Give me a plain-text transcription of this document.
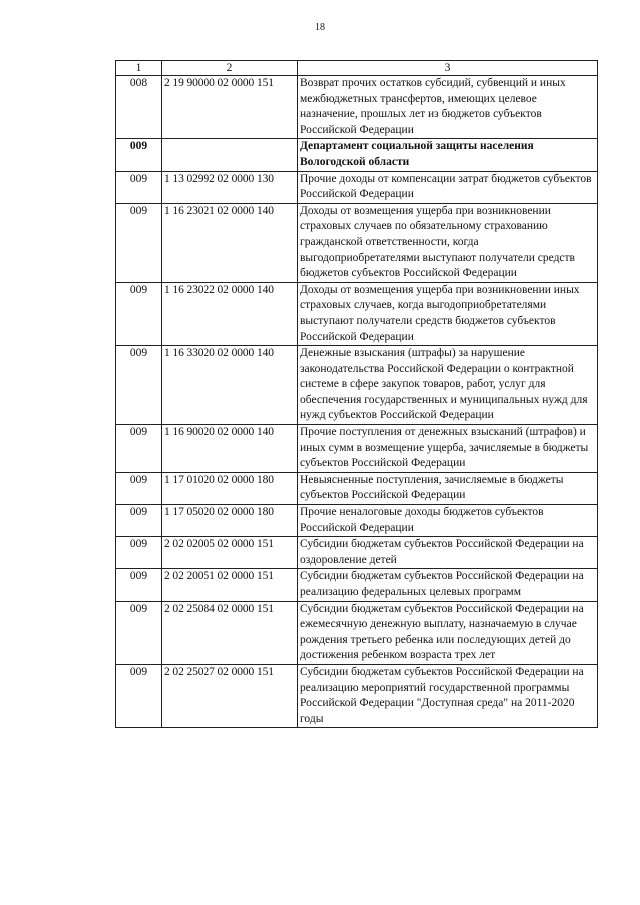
18
1	2	3
008	2 19 90000 02 0000 151	Возврат прочих остатков субсидий, субвенций и иных межбюджетных трансфертов, имеющих целевое назначение, прошлых лет из бюджетов субъектов Российской Федерации
009		Департамент социальной защиты населения Вологодской области
009	1 13 02992 02 0000 130	Прочие доходы от компенсации затрат бюджетов субъектов Российской Федерации
009	1 16 23021 02 0000 140	Доходы от возмещения ущерба при возникновении страховых случаев по обязательному страхованию гражданской ответственности, когда выгодоприобретателями выступают получатели средств бюджетов субъектов Российской Федерации
009	1 16 23022 02 0000 140	Доходы от возмещения ущерба при возникновении иных страховых случаев, когда выгодоприобретателями выступают получатели средств бюджетов субъектов Российской Федерации
009	1 16 33020 02 0000 140	Денежные взыскания (штрафы) за нарушение законодательства Российской Федерации о контрактной системе в сфере закупок товаров, работ, услуг для обеспечения государственных и муниципальных нужд для нужд субъектов Российской Федерации
009	1 16 90020 02 0000 140	Прочие поступления от денежных взысканий (штрафов) и иных сумм в возмещение ущерба, зачисляемые в бюджеты субъектов Российской Федерации
009	1 17 01020 02 0000 180	Невыясненные поступления, зачисляемые в бюджеты субъектов Российской Федерации
009	1 17 05020 02 0000 180	Прочие неналоговые доходы бюджетов субъектов Российской Федерации
009	2 02 02005 02 0000 151	Субсидии бюджетам субъектов Российской Федерации на оздоровление детей
009	2 02 20051 02 0000 151	Субсидии бюджетам субъектов Российской Федерации на реализацию федеральных целевых программ
009	2 02 25084 02 0000 151	Субсидии бюджетам субъектов Российской Федерации на ежемесячную денежную выплату, назначаемую в случае рождения третьего ребенка или последующих детей до достижения ребенком возраста трех лет
009	2 02 25027 02 0000 151	Субсидии бюджетам субъектов Российской Федерации на реализацию мероприятий государственной программы Российской Федерации "Доступная среда" на 2011-2020 годы
